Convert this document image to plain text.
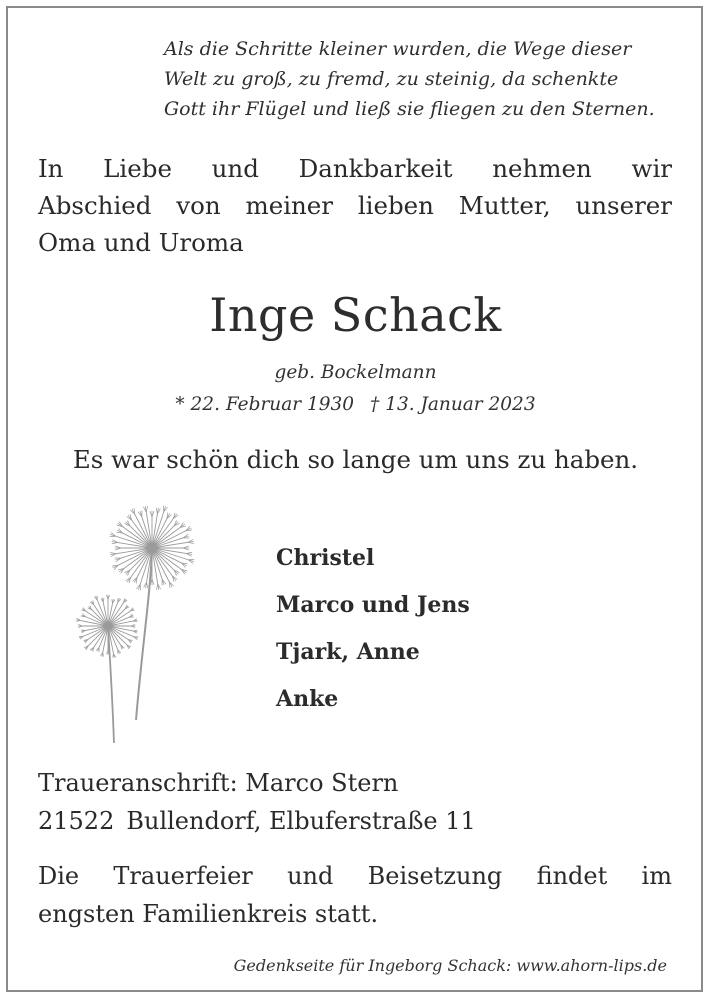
Als die Schritte kleiner wurden, die Wege dieser
Welt zu groß, zu fremd, zu steinig, da schenkte
Gott ihr Flügel und ließ sie fliegen zu den Sternen.
In Liebe und Dankbarkeit nehmen wir
Abschied von meiner lieben Mutter, unserer
Oma und Uroma
Inge Schack
geb. Bockelmann
* 22. Februar 1930 † 13. Januar 2023
Es war schön dich so lange um uns zu haben.
Christel
Marco und Jens
Tjark, Anne
Anke
Traueranschrift: Marco Stern
21522 Bullendorf, Elbuferstraße 11
Die Trauerfeier und Beisetzung findet im
engsten Familienkreis statt.
Gedenkseite für Ingeborg Schack: www.ahorn-lips.de
